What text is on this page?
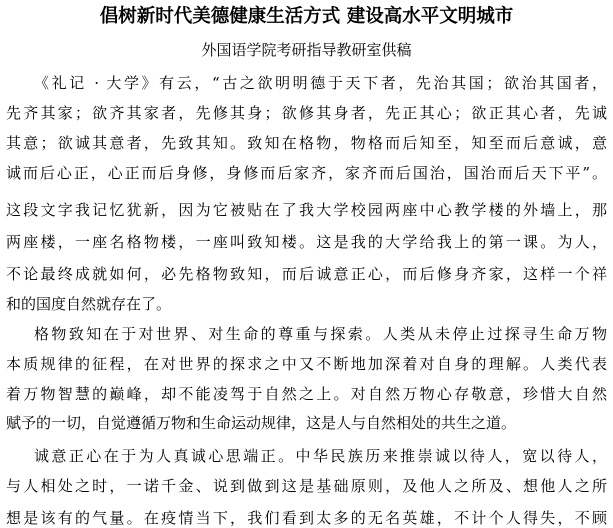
倡树新时代美德健康生活方式 建设高水平文明城市
外国语学院考研指导教研室供稿
《礼记 · 大学》有云，“古之欲明明德于天下者，先治其国；欲治其国者，
先齐其家；欲齐其家者，先修其身；欲修其身者，先正其心；欲正其心者，先诚
其意；欲诚其意者，先致其知。致知在格物，物格而后知至，知至而后意诚，意
诚而后心正，心正而后身修，身修而后家齐，家齐而后国治，国治而后天下平”。
这段文字我记忆犹新，因为它被贴在了我大学校园两座中心教学楼的外墙上，那
两座楼，一座名格物楼，一座叫致知楼。这是我的大学给我上的第一课。为人，
不论最终成就如何，必先格物致知，而后诚意正心，而后修身齐家，这样一个祥
和的国度自然就存在了。
格物致知在于对世界、对生命的尊重与探索。人类从未停止过探寻生命万物
本质规律的征程，在对世界的探求之中又不断地加深着对自身的理解。人类代表
着万物智慧的巅峰，却不能凌驾于自然之上。对自然万物心存敬意，珍惜大自然
赋予的一切，自觉遵循万物和生命运动规律，这是人与自然相处的共生之道。
诚意正心在于为人真诚心思端正。中华民族历来推崇诚以待人，宽以待人，
与人相处之时，一诺千金、说到做到这是基础原则，及他人之所及、想他人之所
想是该有的气量。在疫情当下，我们看到太多的无名英雄，不计个人得失，不顾
